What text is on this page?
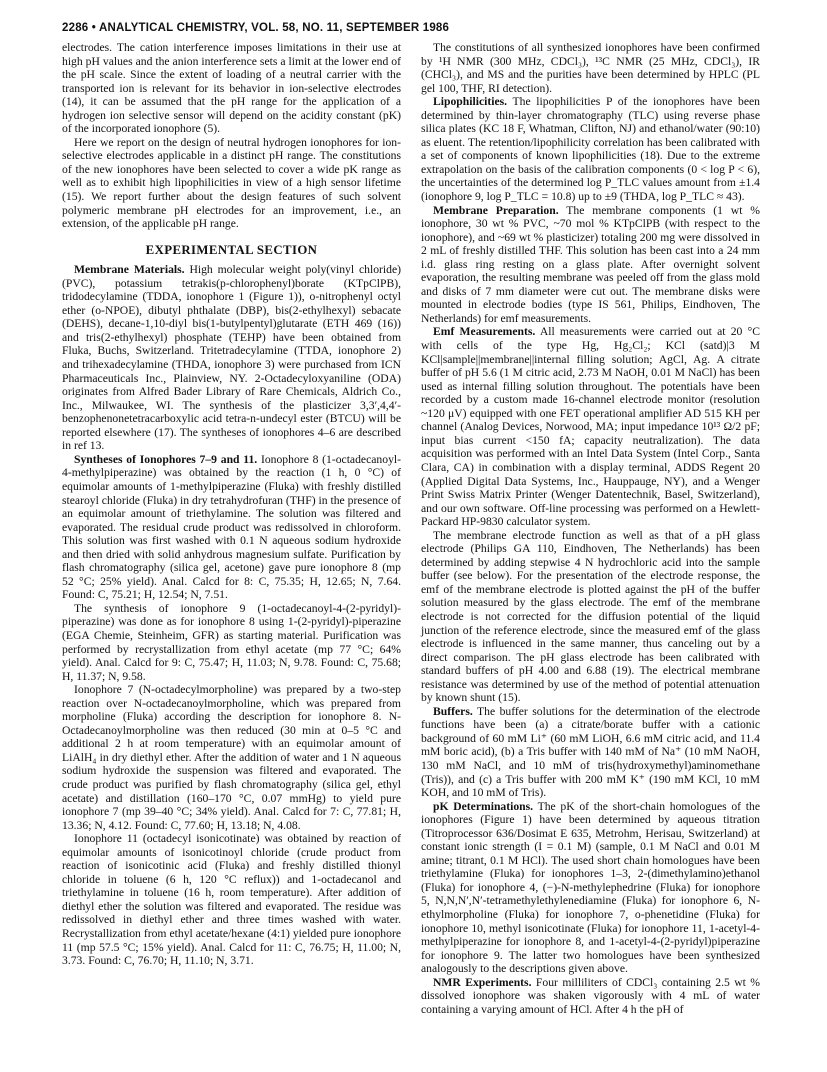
2286 • ANALYTICAL CHEMISTRY, VOL. 58, NO. 11, SEPTEMBER 1986

electrodes. The cation interference imposes limitations in their use at high pH values and the anion interference sets a limit at the lower end of the pH scale. Since the extent of loading of a neutral carrier with the transported ion is relevant for its behavior in ion-selective electrodes (14), it can be assumed that the pH range for the application of a hydrogen ion selective sensor will depend on the acidity constant (pK) of the incorporated ionophore (5).

Here we report on the design of neutral hydrogen ionophores for ion-selective electrodes applicable in a distinct pH range. The constitutions of the new ionophores have been selected to cover a wide pK range as well as to exhibit high lipophilicities in view of a high sensor lifetime (15). We report further about the design features of such solvent polymeric membrane pH electrodes for an improvement, i.e., an extension, of the applicable pH range.

EXPERIMENTAL SECTION

Membrane Materials. High molecular weight poly(vinyl chloride) (PVC), potassium tetrakis(p-chlorophenyl)borate (KTpClPB), tridodecylamine (TDDA, ionophore 1 (Figure 1)), o-nitrophenyl octyl ether (o-NPOE), dibutyl phthalate (DBP), bis(2-ethylhexyl) sebacate (DEHS), decane-1,10-diyl bis(1-butylpentyl)glutarate (ETH 469 (16)) and tris(2-ethylhexyl) phosphate (TEHP) have been obtained from Fluka, Buchs, Switzerland. Tritetradecylamine (TTDA, ionophore 2) and trihexadecylamine (THDA, ionophore 3) were purchased from ICN Pharmaceuticals Inc., Plainview, NY. 2-Octadecyloxyaniline (ODA) originates from Alfred Bader Library of Rare Chemicals, Aldrich Co., Inc., Milwaukee, WI. The synthesis of the plasticizer 3,3′,4,4′-benzophenonetetracarboxylic acid tetra-n-undecyl ester (BTCU) will be reported elsewhere (17). The syntheses of ionophores 4–6 are described in ref 13.

Syntheses of Ionophores 7–9 and 11. Ionophore 8 (1-octadecanoyl-4-methylpiperazine) was obtained by the reaction (1 h, 0 °C) of equimolar amounts of 1-methylpiperazine (Fluka) with freshly distilled stearoyl chloride (Fluka) in dry tetrahydrofuran (THF) in the presence of an equimolar amount of triethylamine. The solution was filtered and evaporated. The residual crude product was redissolved in chloroform. This solution was first washed with 0.1 N aqueous sodium hydroxide and then dried with solid anhydrous magnesium sulfate. Purification by flash chromatography (silica gel, acetone) gave pure ionophore 8 (mp 52 °C; 25% yield). Anal. Calcd for 8: C, 75.35; H, 12.65; N, 7.64. Found: C, 75.21; H, 12.54; N, 7.51.

The synthesis of ionophore 9 (1-octadecanoyl-4-(2-pyridyl)-piperazine) was done as for ionophore 8 using 1-(2-pyridyl)-piperazine (EGA Chemie, Steinheim, GFR) as starting material. Purification was performed by recrystallization from ethyl acetate (mp 77 °C; 64% yield). Anal. Calcd for 9: C, 75.47; H, 11.03; N, 9.78. Found: C, 75.68; H, 11.37; N, 9.58.

Ionophore 7 (N-octadecylmorpholine) was prepared by a two-step reaction over N-octadecanoylmorpholine, which was prepared from morpholine (Fluka) according the description for ionophore 8. N-Octadecanoylmorpholine was then reduced (30 min at 0–5 °C and additional 2 h at room temperature) with an equimolar amount of LiAlH₄ in dry diethyl ether. After the addition of water and 1 N aqueous sodium hydroxide the suspension was filtered and evaporated. The crude product was purified by flash chromatography (silica gel, ethyl acetate) and distillation (160–170 °C, 0.07 mmHg) to yield pure ionophore 7 (mp 39–40 °C; 34% yield). Anal. Calcd for 7: C, 77.81; H, 13.36; N, 4.12. Found: C, 77.60; H, 13.18; N, 4.08.

Ionophore 11 (octadecyl isonicotinate) was obtained by reaction of equimolar amounts of isonicotinoyl chloride (crude product from reaction of isonicotinic acid (Fluka) and freshly distilled thionyl chloride in toluene (6 h, 120 °C reflux)) and 1-octadecanol and triethylamine in toluene (16 h, room temperature). After addition of diethyl ether the solution was filtered and evaporated. The residue was redissolved in diethyl ether and three times washed with water. Recrystallization from ethyl acetate/hexane (4:1) yielded pure ionophore 11 (mp 57.5 °C; 15% yield). Anal. Calcd for 11: C, 76.75; H, 11.00; N, 3.73. Found: C, 76.70; H, 11.10; N, 3.71.

The constitutions of all synthesized ionophores have been confirmed by ¹H NMR (300 MHz, CDCl₃), ¹³C NMR (25 MHz, CDCl₃), IR (CHCl₃), and MS and the purities have been determined by HPLC (PL gel 100, THF, RI detection).

Lipophilicities. The lipophilicities P of the ionophores have been determined by thin-layer chromatography (TLC) using reverse phase silica plates (KC 18 F, Whatman, Clifton, NJ) and ethanol/water (90:10) as eluent. The retention/lipophilicity correlation has been calibrated with a set of components of known lipophilicities (18). Due to the extreme extrapolation on the basis of the calibration components (0 < log P < 6), the uncertainties of the determined log P_TLC values amount from ±1.4 (ionophore 9, log P_TLC = 10.8) up to ±9 (THDA, log P_TLC ≈ 43).

Membrane Preparation. The membrane components (1 wt % ionophore, 30 wt % PVC, ~70 mol % KTpClPB (with respect to the ionophore), and ~69 wt % plasticizer) totaling 200 mg were dissolved in 2 mL of freshly distilled THF. This solution has been cast into a 24 mm i.d. glass ring resting on a glass plate. After overnight solvent evaporation, the resulting membrane was peeled off from the glass mold and disks of 7 mm diameter were cut out. The membrane disks were mounted in electrode bodies (type IS 561, Philips, Eindhoven, The Netherlands) for emf measurements.

Emf Measurements. All measurements were carried out at 20 °C with cells of the type Hg, Hg₂Cl₂; KCl (satd)|3 M KCl|sample||membrane||internal filling solution; AgCl, Ag. A citrate buffer of pH 5.6 (1 M citric acid, 2.73 M NaOH, 0.01 M NaCl) has been used as internal filling solution throughout. The potentials have been recorded by a custom made 16-channel electrode monitor (resolution ~120 μV) equipped with one FET operational amplifier AD 515 KH per channel (Analog Devices, Norwood, MA; input impedance 10¹³ Ω/2 pF; input bias current <150 fA; capacity neutralization). The data acquisition was performed with an Intel Data System (Intel Corp., Santa Clara, CA) in combination with a display terminal, ADDS Regent 20 (Applied Digital Data Systems, Inc., Hauppauge, NY), and a Wenger Print Swiss Matrix Printer (Wenger Datentechnik, Basel, Switzerland), and our own software. Off-line processing was performed on a Hewlett-Packard HP-9830 calculator system.

The membrane electrode function as well as that of a pH glass electrode (Philips GA 110, Eindhoven, The Netherlands) has been determined by adding stepwise 4 N hydrochloric acid into the sample buffer (see below). For the presentation of the electrode response, the emf of the membrane electrode is plotted against the pH of the buffer solution measured by the glass electrode. The emf of the membrane electrode is not corrected for the diffusion potential of the liquid junction of the reference electrode, since the measured emf of the glass electrode is influenced in the same manner, thus canceling out by a direct comparison. The pH glass electrode has been calibrated with standard buffers of pH 4.00 and 6.88 (19). The electrical membrane resistance was determined by use of the method of potential attenuation by known shunt (15).

Buffers. The buffer solutions for the determination of the electrode functions have been (a) a citrate/borate buffer with a cationic background of 60 mM Li⁺ (60 mM LiOH, 6.6 mM citric acid, and 11.4 mM boric acid), (b) a Tris buffer with 140 mM of Na⁺ (10 mM NaOH, 130 mM NaCl, and 10 mM of tris(hydroxymethyl)aminomethane (Tris)), and (c) a Tris buffer with 200 mM K⁺ (190 mM KCl, 10 mM KOH, and 10 mM of Tris).

pK Determinations. The pK of the short-chain homologues of the ionophores (Figure 1) have been determined by aqueous titration (Titroprocessor 636/Dosimat E 635, Metrohm, Herisau, Switzerland) at constant ionic strength (I = 0.1 M) (sample, 0.1 M NaCl and 0.01 M amine; titrant, 0.1 M HCl). The used short chain homologues have been triethylamine (Fluka) for ionophores 1–3, 2-(dimethylamino)ethanol (Fluka) for ionophore 4, (−)-N-methylephedrine (Fluka) for ionophore 5, N,N,N′,N′-tetramethylethylenediamine (Fluka) for ionophore 6, N-ethylmorpholine (Fluka) for ionophore 7, o-phenetidine (Fluka) for ionophore 10, methyl isonicotinate (Fluka) for ionophore 11, 1-acetyl-4-methylpiperazine for ionophore 8, and 1-acetyl-4-(2-pyridyl)piperazine for ionophore 9. The latter two homologues have been synthesized analogously to the descriptions given above.

NMR Experiments. Four milliliters of CDCl₃ containing 2.5 wt % dissolved ionophore was shaken vigorously with 4 mL of water containing a varying amount of HCl. After 4 h the pH of
